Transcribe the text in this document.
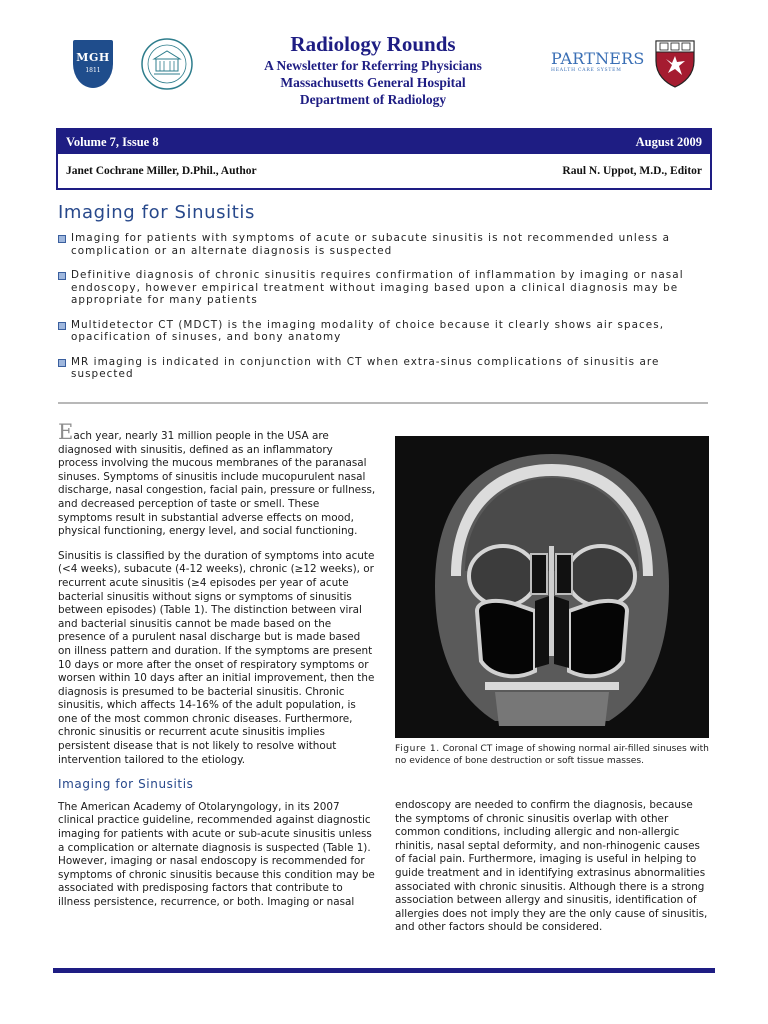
MGH
1811
Radiology Rounds
A Newsletter for Referring Physicians
Massachusetts General Hospital
Department of Radiology
PARTNERS
HEALTH CARE SYSTEM
Volume 7, Issue 8	August 2009
Janet Cochrane Miller, D.Phil., Author	Raul N. Uppot, M.D., Editor
Imaging for Sinusitis
Imaging for patients with symptoms of acute or subacute sinusitis is not recommended unless a complication or an alternate diagnosis is suspected
Definitive diagnosis of chronic sinusitis requires confirmation of inflammation by imaging or nasal endoscopy, however empirical treatment without imaging based upon a clinical diagnosis may be appropriate for many patients
Multidetector CT (MDCT) is the imaging modality of choice because it clearly shows air spaces, opacification of sinuses, and bony anatomy
MR imaging is indicated in conjunction with CT when extra-sinus complications of sinusitis are suspected

Each year, nearly 31 million people in the USA are diagnosed with sinusitis, defined as an inflammatory process involving the mucous membranes of the paranasal sinuses. Symptoms of sinusitis include mucopurulent nasal discharge, nasal congestion, facial pain, pressure or fullness, and decreased perception of taste or smell. These symptoms result in substantial adverse effects on mood, physical functioning, energy level, and social functioning.

Sinusitis is classified by the duration of symptoms into acute (<4 weeks), subacute (4-12 weeks), chronic (≥12 weeks), or recurrent acute sinusitis (≥4 episodes per year of acute bacterial sinusitis without signs or symptoms of sinusitis between episodes) (Table 1). The distinction between viral and bacterial sinusitis cannot be made based on the presence of a purulent nasal discharge but is made based on illness pattern and duration. If the symptoms are present 10 days or more after the onset of respiratory symptoms or worsen within 10 days after an initial improvement, then the diagnosis is presumed to be bacterial sinusitis. Chronic sinusitis, which affects 14-16% of the adult population, is one of the most common chronic diseases. Furthermore, chronic sinusitis or recurrent acute sinusitis implies persistent disease that is not likely to resolve without intervention tailored to the etiology.

Imaging for Sinusitis

The American Academy of Otolaryngology, in its 2007 clinical practice guideline, recommended against diagnostic imaging for patients with acute or sub-acute sinusitis unless a complication or alternate diagnosis is suspected (Table 1). However, imaging or nasal endoscopy is recommended for symptoms of chronic sinusitis because this condition may be associated with predisposing factors that contribute to illness persistence, recurrence, or both. Imaging or nasal

Figure 1. Coronal CT image of showing normal air-filled sinuses with no evidence of bone destruction or soft tissue masses.

endoscopy are needed to confirm the diagnosis, because the symptoms of chronic sinusitis overlap with other common conditions, including allergic and non-allergic rhinitis, nasal septal deformity, and non-rhinogenic causes of facial pain. Furthermore, imaging is useful in helping to guide treatment and in identifying extrasinus abnormalities associated with chronic sinusitis. Although there is a strong association between allergy and sinusitis, identification of allergies does not imply they are the only cause of sinusitis, and other factors should be considered.
